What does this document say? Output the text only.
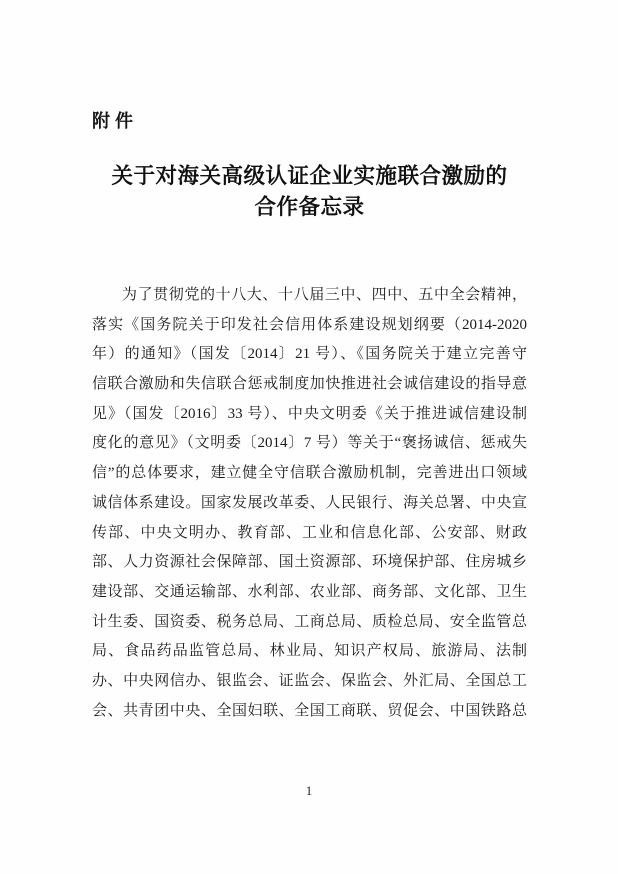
附件
关于对海关高级认证企业实施联合激励的
合作备忘录

为了贯彻党的十八大、十八届三中、四中、五中全会精神，

落实《国务院关于印发社会信用体系建设规划纲要（2014-2020

年）的通知》（国发〔2014〕21 号）、《国务院关于建立完善守

信联合激励和失信联合惩戒制度加快推进社会诚信建设的指导意

见》（国发〔2016〕33 号）、中央文明委《关于推进诚信建设制

度化的意见》（文明委〔2014〕7 号）等关于“褒扬诚信、惩戒失

信”的总体要求，建立健全守信联合激励机制，完善进出口领域

诚信体系建设。国家发展改革委、人民银行、海关总署、中央宣

传部、中央文明办、教育部、工业和信息化部、公安部、财政

部、人力资源社会保障部、国土资源部、环境保护部、住房城乡

建设部、交通运输部、水利部、农业部、商务部、文化部、卫生

计生委、国资委、税务总局、工商总局、质检总局、安全监管总

局、食品药品监管总局、林业局、知识产权局、旅游局、法制

办、中央网信办、银监会、证监会、保监会、外汇局、全国总工

会、共青团中央、全国妇联、全国工商联、贸促会、中国铁路总

1
